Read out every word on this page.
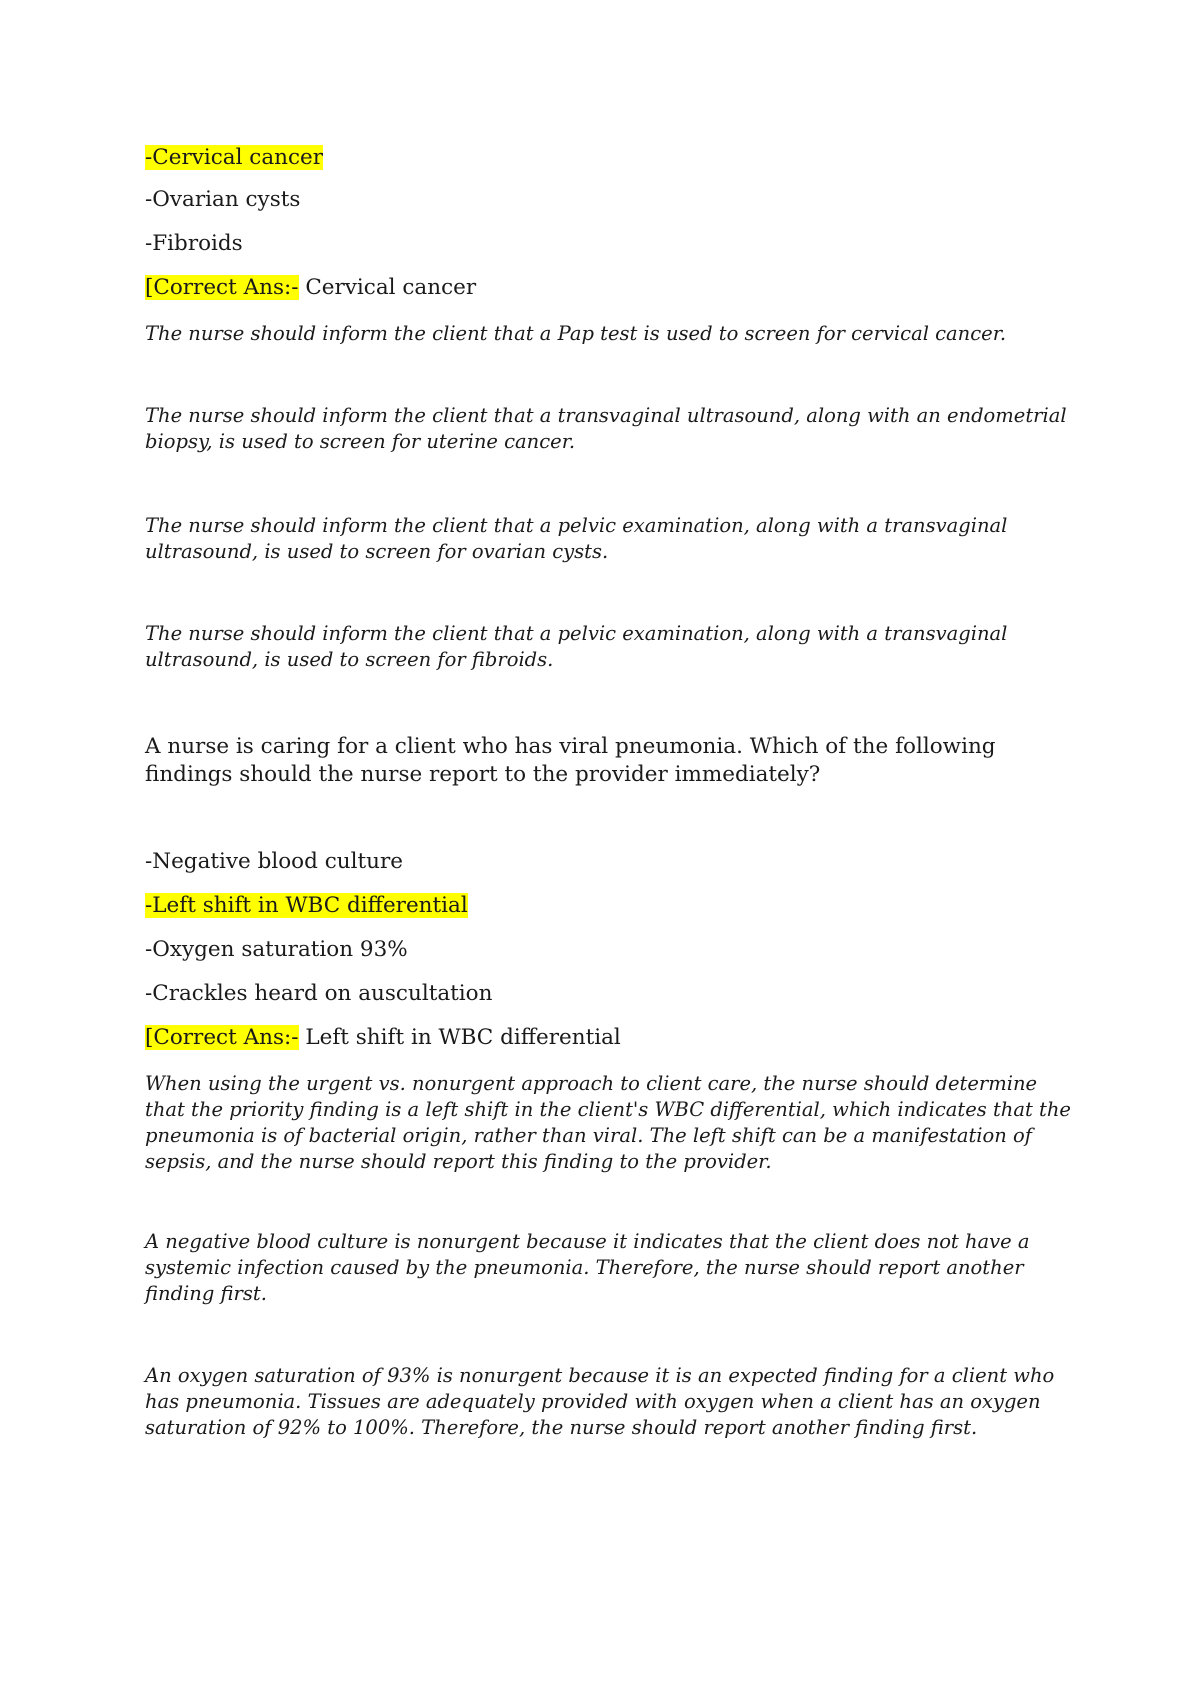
-Cervical cancer

-Ovarian cysts

-Fibroids

[Correct Ans:- Cervical cancer

The nurse should inform the client that a Pap test is used to screen for cervical cancer.

The nurse should inform the client that a transvaginal ultrasound, along with an endometrial biopsy, is used to screen for uterine cancer.

The nurse should inform the client that a pelvic examination, along with a transvaginal ultrasound, is used to screen for ovarian cysts.

The nurse should inform the client that a pelvic examination, along with a transvaginal ultrasound, is used to screen for fibroids.

A nurse is caring for a client who has viral pneumonia. Which of the following findings should the nurse report to the provider immediately?

-Negative blood culture

-Left shift in WBC differential

-Oxygen saturation 93%

-Crackles heard on auscultation

[Correct Ans:- Left shift in WBC differential

When using the urgent vs. nonurgent approach to client care, the nurse should determine that the priority finding is a left shift in the client's WBC differential, which indicates that the pneumonia is of bacterial origin, rather than viral. The left shift can be a manifestation of sepsis, and the nurse should report this finding to the provider.

A negative blood culture is nonurgent because it indicates that the client does not have a systemic infection caused by the pneumonia. Therefore, the nurse should report another finding first.

An oxygen saturation of 93% is nonurgent because it is an expected finding for a client who has pneumonia. Tissues are adequately provided with oxygen when a client has an oxygen saturation of 92% to 100%. Therefore, the nurse should report another finding first.
